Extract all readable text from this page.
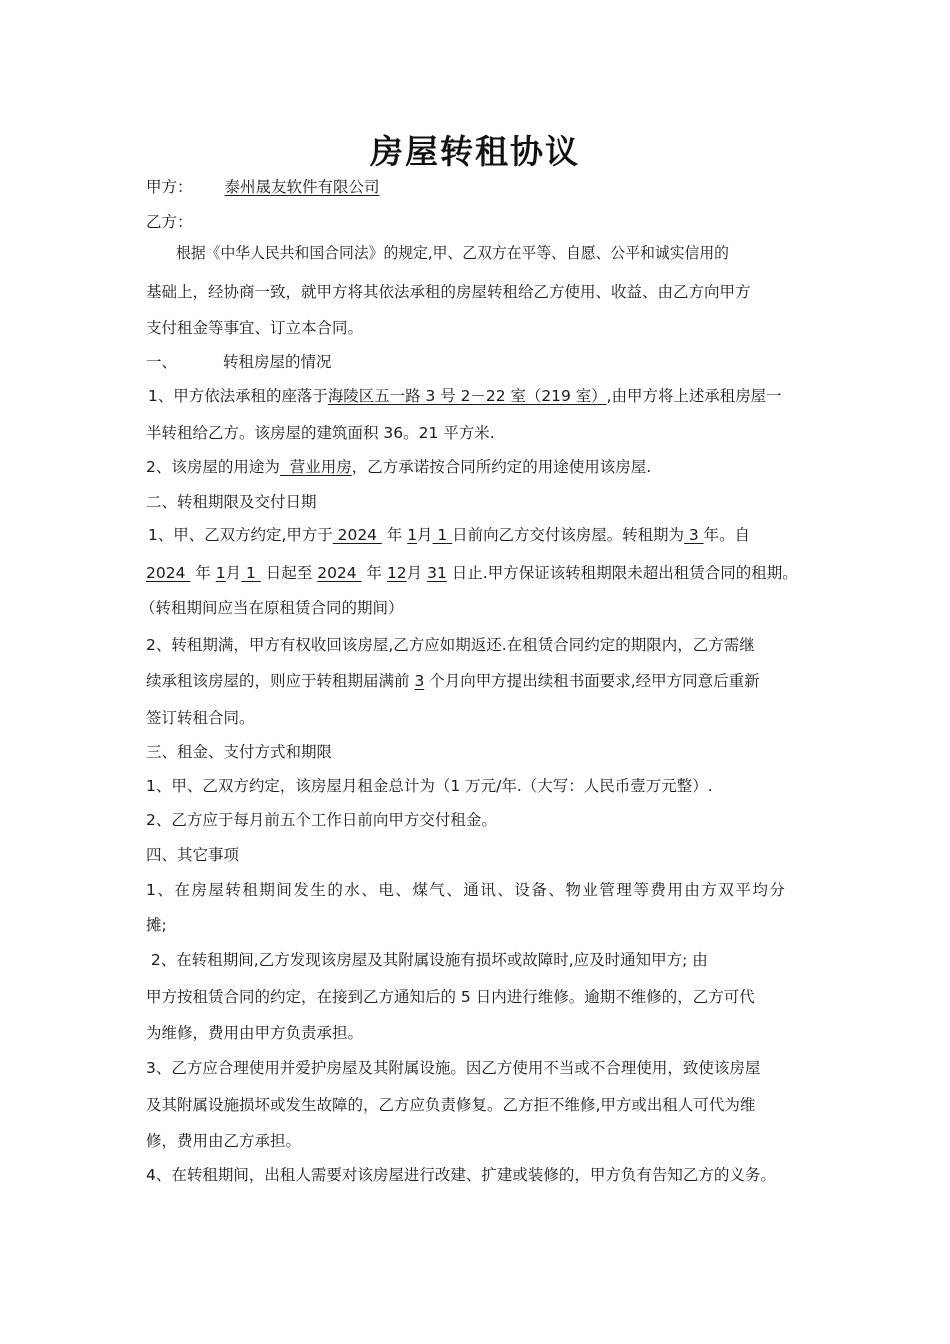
房屋转租协议
甲方： 泰州晟友软件有限公司
乙方：
根据《中华人民共和国合同法》的规定,甲、乙双方在平等、自愿、公平和诚实信用的
基础上，经协商一致，就甲方将其依法承租的房屋转租给乙方使用、收益、由乙方向甲方
支付租金等事宜、订立本合同。
一、	转租房屋的情况
1、甲方依法承租的座落于海陵区五一路 3 号 2－22 室（219 室）,由甲方将上述承租房屋一
半转租给乙方。该房屋的建筑面积 36。21 平方米.
2、该房屋的用途为  营业用房，乙方承诺按合同所约定的用途使用该房屋.
二、转租期限及交付日期
1、甲、乙双方约定,甲方于 2024  年 1月 1 日前向乙方交付该房屋。转租期为 3 年。自
2024  年 1月 1  日起至 2024  年 12月 31 日止.甲方保证该转租期限未超出租赁合同的租期。
（转租期间应当在原租赁合同的期间）
2、转租期满，甲方有权收回该房屋,乙方应如期返还.在租赁合同约定的期限内，乙方需继
续承租该房屋的，则应于转租期届满前 3 个月向甲方提出续租书面要求,经甲方同意后重新
签订转租合同。
三、租金、支付方式和期限
1、甲、乙双方约定，该房屋月租金总计为（1 万元/年.（大写：人民币壹万元整）.
2、乙方应于每月前五个工作日前向甲方交付租金。
四、其它事项
1、在房屋转租期间发生的水、电、煤气、通讯、设备、物业管理等费用由方双平均分
摊;
2、在转租期间,乙方发现该房屋及其附属设施有损坏或故障时,应及时通知甲方; 由
甲方按租赁合同的约定，在接到乙方通知后的 5 日内进行维修。逾期不维修的，乙方可代
为维修，费用由甲方负责承担。
3、乙方应合理使用并爱护房屋及其附属设施。因乙方使用不当或不合理使用，致使该房屋
及其附属设施损坏或发生故障的，乙方应负责修复。乙方拒不维修,甲方或出租人可代为维
修，费用由乙方承担。
4、在转租期间，出租人需要对该房屋进行改建、扩建或装修的，甲方负有告知乙方的义务。
